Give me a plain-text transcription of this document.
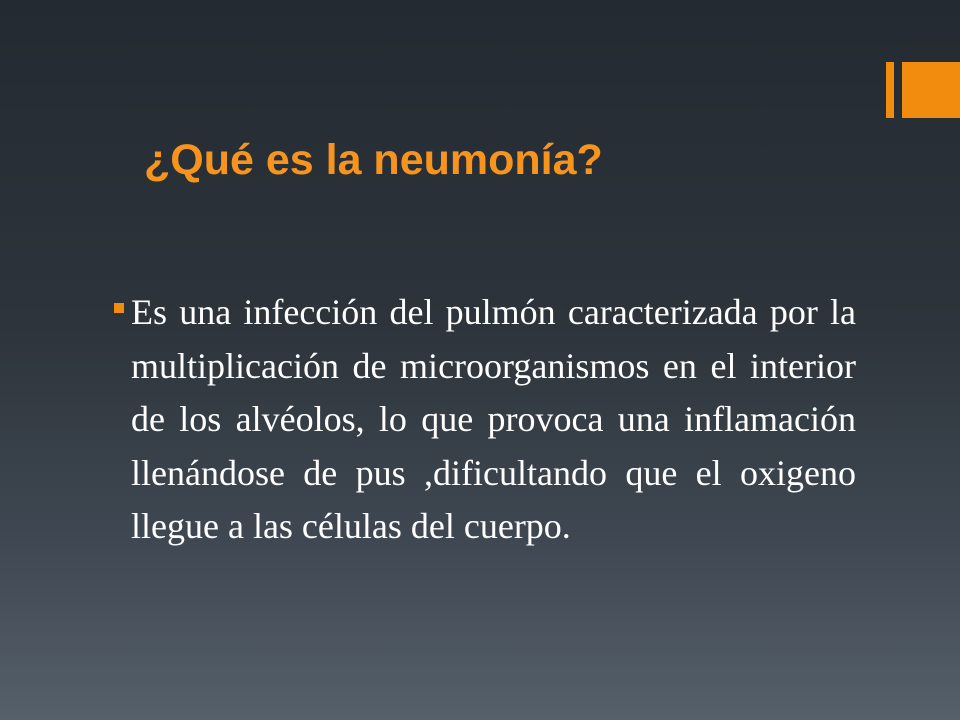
¿Qué es la neumonía?
Es una infección del pulmón caracterizada por la multiplicación de microorganismos en el interior de los alvéolos, lo que provoca una inflamación llenándose de pus ,dificultando que el oxigeno llegue a las células del cuerpo.
